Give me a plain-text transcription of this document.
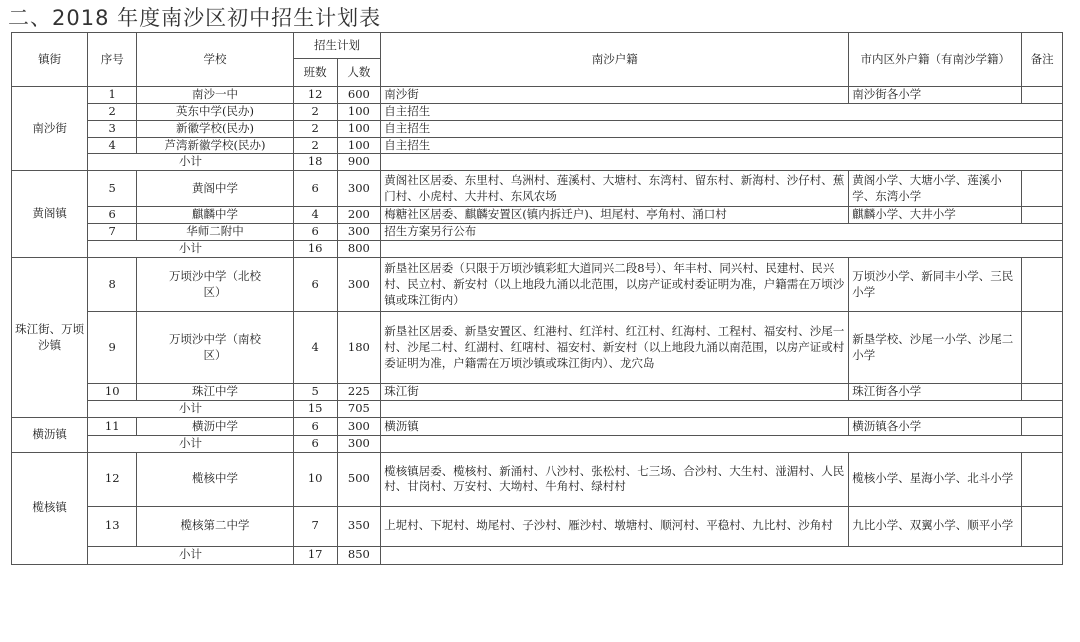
二、2018 年度南沙区初中招生计划表
镇街	序号	学校	招生计划		南沙户籍	市内区外户籍（有南沙学籍）	备注
			班数	人数			
南沙街	1	南沙一中	12	600	南沙街	南沙街各小学	
	2	英东中学(民办)	2	100	自主招生		
	3	新徽学校(民办)	2	100	自主招生		
	4	芦湾新徽学校(民办)	2	100	自主招生		
	小计		18	900			
黄阁镇	5	黄阁中学	6	300	黄阁社区居委、东里村、乌洲村、莲溪村、大塘村、东湾村、留东村、新海村、沙仔村、蕉门村、小虎村、大井村、东风农场	黄阁小学、大塘小学、莲溪小学、东湾小学	
	6	麒麟中学	4	200	梅糖社区居委、麒麟安置区(镇内拆迁户)、坦尾村、亭角村、涌口村	麒麟小学、大井小学	
	7	华师二附中	6	300	招生方案另行公布		
	小计		16	800			
珠江街、万顷沙镇	8	万顷沙中学（北校区）	6	300	新垦社区居委（只限于万顷沙镇彩虹大道同兴二段8号）、年丰村、同兴村、民建村、民兴村、民立村、新安村（以上地段九涌以北范围，以房产证或村委证明为准，户籍需在万顷沙镇或珠江街内）	万顷沙小学、新同丰小学、三民小学	
	9	万顷沙中学（南校区）	4	180	新垦社区居委、新垦安置区、红港村、红洋村、红江村、红海村、工程村、福安村、沙尾一村、沙尾二村、红湖村、红嗐村、福安村、新安村（以上地段九涌以南范围，以房产证或村委证明为准，户籍需在万顷沙镇或珠江街内）、龙穴岛	新垦学校、沙尾一小学、沙尾二小学	
	10	珠江中学	5	225	珠江街	珠江街各小学	
	小计		15	705			
横沥镇	11	横沥中学	6	300	横沥镇	横沥镇各小学	
	小计		6	300			
榄核镇	12	榄核中学	10	500	榄核镇居委、榄核村、新涌村、八沙村、张松村、七三场、合沙村、大生村、湴湄村、人民村、甘岗村、万安村、大坳村、牛角村、绿村村	榄核小学、星海小学、北斗小学	
	13	榄核第二中学	7	350	上坭村、下坭村、坳尾村、子沙村、雁沙村、墩塘村、顺河村、平稳村、九比村、沙角村	九比小学、双翼小学、顺平小学	
	小计		17	850			
